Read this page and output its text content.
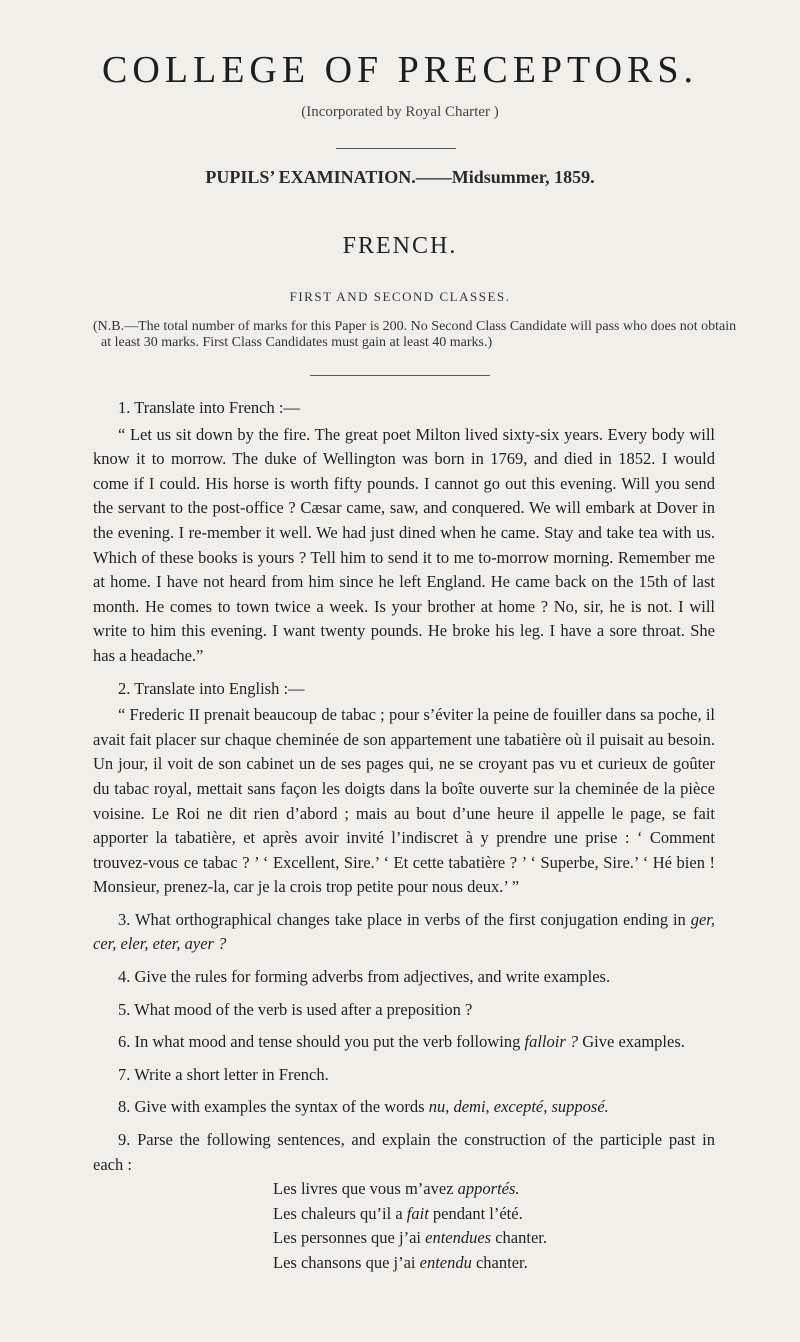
COLLEGE OF PRECEPTORS.
(Incorporated by Royal Charter )
PUPILS’ EXAMINATION.——Midsummer, 1859.
FRENCH.
FIRST AND SECOND CLASSES.
(N.B.—The total number of marks for this Paper is 200. No Second Class Candidate will pass who does not obtain at least 30 marks. First Class Candidates must gain at least 40 marks.)

1. Translate into French :—

“ Let us sit down by the fire. The great poet Milton lived sixty-six years. Every body will know it to morrow. The duke of Wellington was born in 1769, and died in 1852. I would come if I could. His horse is worth fifty pounds. I cannot go out this evening. Will you send the servant to the post-office ? Cæsar came, saw, and conquered. We will embark at Dover in the evening. I re-member it well. We had just dined when he came. Stay and take tea with us. Which of these books is yours ? Tell him to send it to me to-morrow morning. Remember me at home. I have not heard from him since he left England. He came back on the 15th of last month. He comes to town twice a week. Is your brother at home ? No, sir, he is not. I will write to him this evening. I want twenty pounds. He broke his leg. I have a sore throat. She has a headache.”

2. Translate into English :—

“ Frederic II prenait beaucoup de tabac ; pour s’éviter la peine de fouiller dans sa poche, il avait fait placer sur chaque cheminée de son appartement une tabatière où il puisait au besoin. Un jour, il voit de son cabinet un de ses pages qui, ne se croyant pas vu et curieux de goûter du tabac royal, mettait sans façon les doigts dans la boîte ouverte sur la cheminée de la pièce voisine. Le Roi ne dit rien d’abord ; mais au bout d’une heure il appelle le page, se fait apporter la tabatière, et après avoir invité l’indiscret à y prendre une prise : ‘ Comment trouvez-vous ce tabac ? ’ ‘ Excellent, Sire.’ ‘ Et cette tabatière ? ’ ‘ Superbe, Sire.’ ‘ Hé bien ! Monsieur, prenez-la, car je la crois trop petite pour nous deux.’ ”

3. What orthographical changes take place in verbs of the first conjugation ending in ger, cer, eler, eter, ayer ?

4. Give the rules for forming adverbs from adjectives, and write examples.

5. What mood of the verb is used after a preposition ?

6. In what mood and tense should you put the verb following falloir ? Give examples.

7. Write a short letter in French.

8. Give with examples the syntax of the words nu, demi, excepté, supposé.

9. Parse the following sentences, and explain the construction of the participle past in each :

Les livres que vous m’avez apportés.

Les chaleurs qu’il a fait pendant l’été.

Les personnes que j’ai entendues chanter.

Les chansons que j’ai entendu chanter.
